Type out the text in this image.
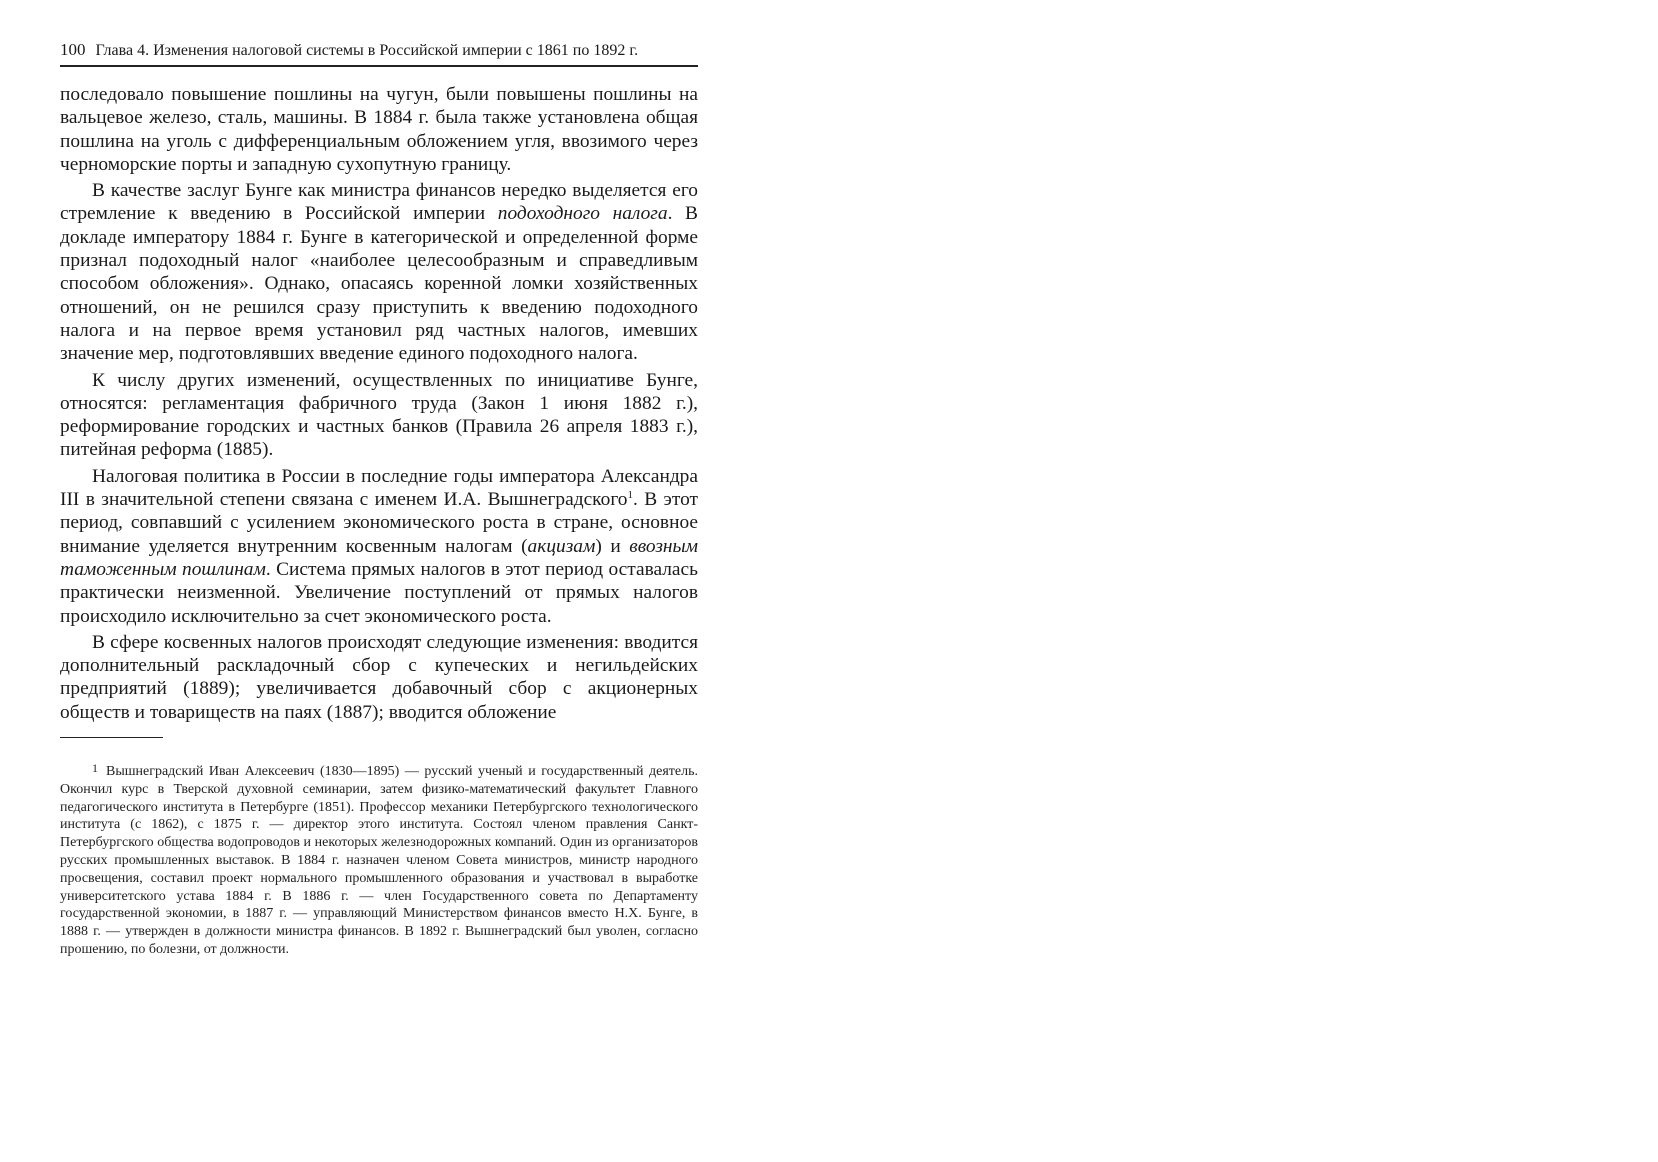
100 Глава 4. Изменения налоговой системы в Российской империи с 1861 по 1892 г.

последовало повышение пошлины на чугун, были повышены пошлины на вальцевое железо, сталь, машины. В 1884 г. была также установлена общая пошлина на уголь с дифференциальным обложением угля, ввозимого через черноморские порты и западную сухопутную границу.

В качестве заслуг Бунге как министра финансов нередко выделяется его стремление к введению в Российской империи подоходного налога. В докладе императору 1884 г. Бунге в категорической и определенной форме признал подоходный налог «наиболее целесообразным и справедливым способом обложения». Однако, опасаясь коренной ломки хозяйственных отношений, он не решился сразу приступить к введению подоходного налога и на первое время установил ряд частных налогов, имевших значение мер, подготовлявших введение единого подоходного налога.

К числу других изменений, осуществленных по инициативе Бунге, относятся: регламентация фабричного труда (Закон 1 июня 1882 г.), реформирование городских и частных банков (Правила 26 апреля 1883 г.), питейная реформа (1885).

Налоговая политика в России в последние годы императора Александра III в значительной степени связана с именем И.А. Вышнеградского$^1$. В этот период, совпавший с усилением экономического роста в стране, основное внимание уделяется внутренним косвенным налогам (акцизам) и ввозным таможенным пошлинам. Система прямых налогов в этот период оставалась практически неизменной. Увеличение поступлений от прямых налогов происходило исключительно за счет экономического роста.

В сфере косвенных налогов происходят следующие изменения: вводится дополнительный раскладочный сбор с купеческих и негильдейских предприятий (1889); увеличивается добавочный сбор с акционерных обществ и товариществ на паях (1887); вводится обложение

1 Вышнеградский Иван Алексеевич (1830—1895) — русский ученый и государственный деятель. Окончил курс в Тверской духовной семинарии, затем физико-математический факультет Главного педагогического института в Петербурге (1851). Профессор механики Петербургского технологического института (с 1862), с 1875 г. — директор этого института. Состоял членом правления Санкт-Петербургского общества водопроводов и некоторых железнодорожных компаний. Один из организаторов русских промышленных выставок. В 1884 г. назначен членом Совета министров, министр народного просвещения, составил проект нормального промышленного образования и участвовал в выработке университетского устава 1884 г. В 1886 г. — член Государственного совета по Департаменту государственной экономии, в 1887 г. — управляющий Министерством финансов вместо Н.Х. Бунге, в 1888 г. — утвержден в должности министра финансов. В 1892 г. Вышнеградский был уволен, согласно прошению, по болезни, от должности.
